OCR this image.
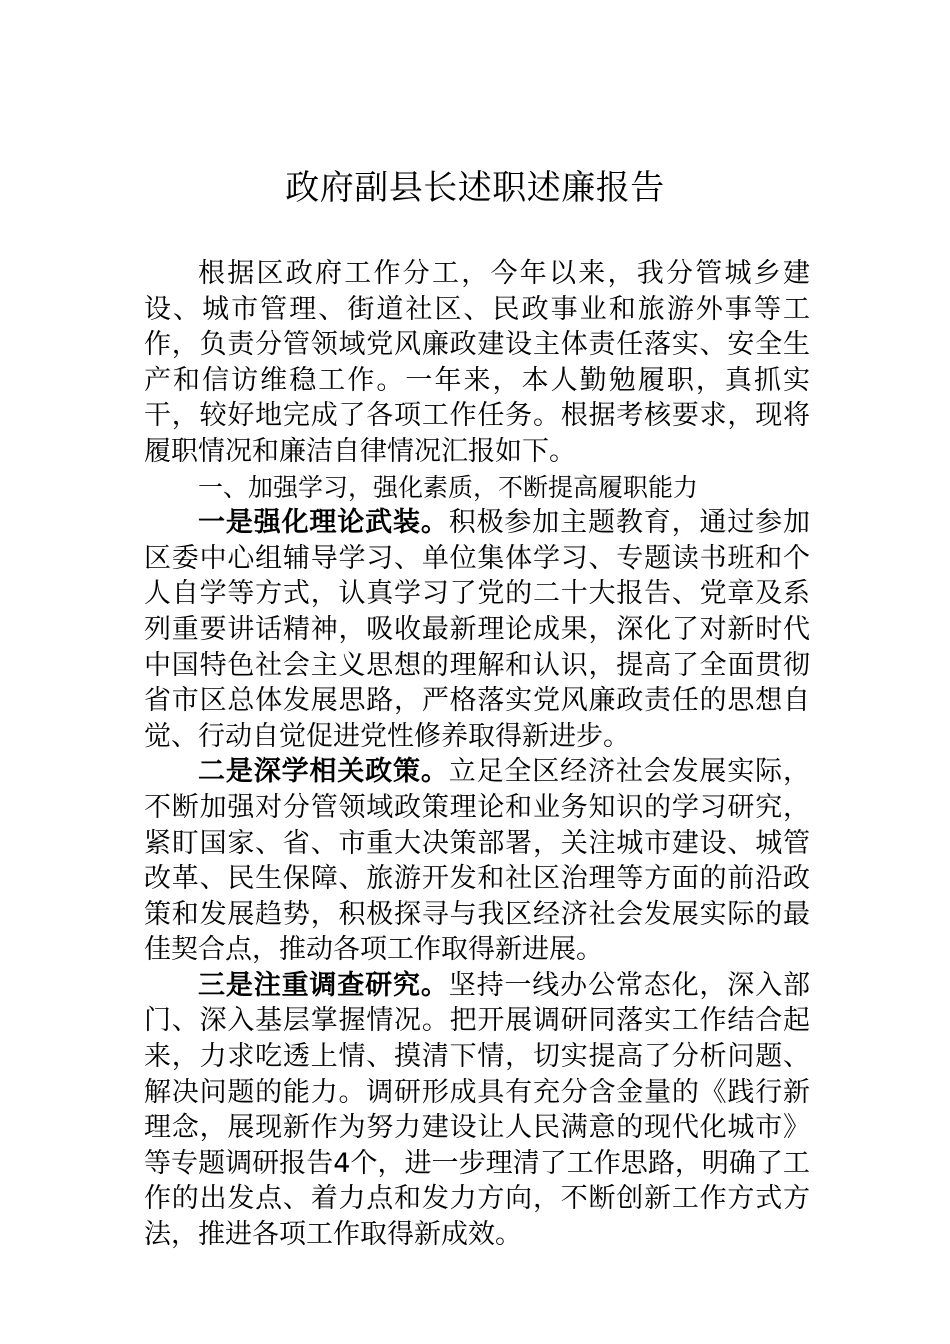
政府副县长述职述廉报告

根据区政府工作分工，今年以来，我分管城乡建设、城市管理、街道社区、民政事业和旅游外事等工作，负责分管领域党风廉政建设主体责任落实、安全生产和信访维稳工作。一年来，本人勤勉履职，真抓实干，较好地完成了各项工作任务。根据考核要求，现将履职情况和廉洁自律情况汇报如下。

一、加强学习，强化素质，不断提高履职能力

一是强化理论武装。积极参加主题教育，通过参加区委中心组辅导学习、单位集体学习、专题读书班和个人自学等方式，认真学习了党的二十大报告、党章及系列重要讲话精神，吸收最新理论成果，深化了对新时代中国特色社会主义思想的理解和认识，提高了全面贯彻省市区总体发展思路，严格落实党风廉政责任的思想自觉、行动自觉促进党性修养取得新进步。

二是深学相关政策。立足全区经济社会发展实际，不断加强对分管领域政策理论和业务知识的学习研究，紧盯国家、省、市重大决策部署，关注城市建设、城管改革、民生保障、旅游开发和社区治理等方面的前沿政策和发展趋势，积极探寻与我区经济社会发展实际的最佳契合点，推动各项工作取得新进展。

三是注重调查研究。坚持一线办公常态化，深入部门、深入基层掌握情况。把开展调研同落实工作结合起来，力求吃透上情、摸清下情，切实提高了分析问题、解决问题的能力。调研形成具有充分含金量的《践行新理念，展现新作为努力建设让人民满意的现代化城市》等专题调研报告4个，进一步理清了工作思路，明确了工作的出发点、着力点和发力方向，不断创新工作方式方法，推进各项工作取得新成效。
